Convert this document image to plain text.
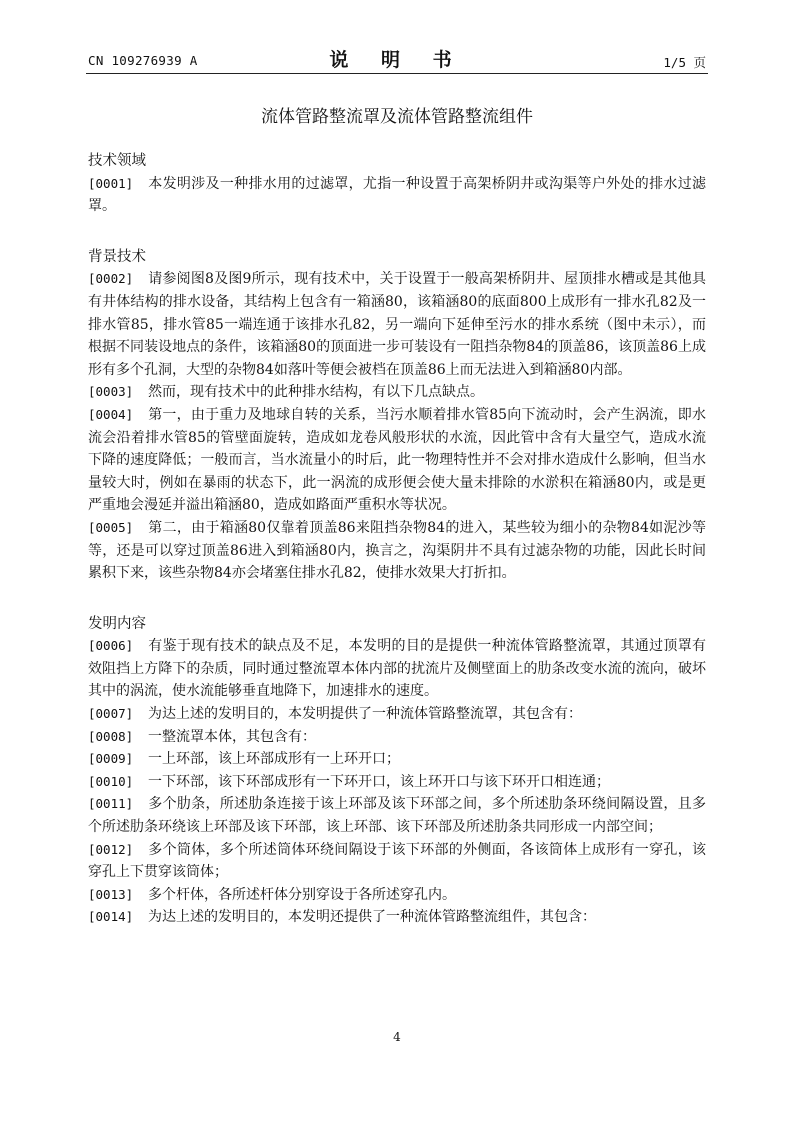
CN 109276939 A	说 明 书	1/5 页
流体管路整流罩及流体管路整流组件
技术领域
[0001] 本发明涉及一种排水用的过滤罩，尤指一种设置于高架桥阴井或沟渠等户外处的排水过滤罩。
背景技术
[0002] 请参阅图8及图9所示，现有技术中，关于设置于一般高架桥阴井、屋顶排水槽或是其他具有井体结构的排水设备，其结构上包含有一箱涵80，该箱涵80的底面800上成形有一排水孔82及一排水管85，排水管85一端连通于该排水孔82，另一端向下延伸至污水的排水系统（图中未示），而根据不同装设地点的条件，该箱涵80的顶面进一步可装设有一阻挡杂物84的顶盖86，该顶盖86上成形有多个孔洞，大型的杂物84如落叶等便会被档在顶盖86上而无法进入到箱涵80内部。
[0003] 然而，现有技术中的此种排水结构，有以下几点缺点。
[0004] 第一，由于重力及地球自转的关系，当污水顺着排水管85向下流动时，会产生涡流，即水流会沿着排水管85的管壁面旋转，造成如龙卷风般形状的水流，因此管中含有大量空气，造成水流下降的速度降低；一般而言，当水流量小的时后，此一物理特性并不会对排水造成什么影响，但当水量较大时，例如在暴雨的状态下，此一涡流的成形便会使大量未排除的水淤积在箱涵80内，或是更严重地会漫延并溢出箱涵80，造成如路面严重积水等状况。
[0005] 第二，由于箱涵80仅靠着顶盖86来阻挡杂物84的进入，某些较为细小的杂物84如泥沙等等，还是可以穿过顶盖86进入到箱涵80内，换言之，沟渠阴井不具有过滤杂物的功能，因此长时间累积下来，该些杂物84亦会堵塞住排水孔82，使排水效果大打折扣。
发明内容
[0006] 有鉴于现有技术的缺点及不足，本发明的目的是提供一种流体管路整流罩，其通过顶罩有效阻挡上方降下的杂质，同时通过整流罩本体内部的扰流片及侧壁面上的肋条改变水流的流向，破坏其中的涡流，使水流能够垂直地降下，加速排水的速度。
[0007] 为达上述的发明目的，本发明提供了一种流体管路整流罩，其包含有：
[0008] 一整流罩本体，其包含有：
[0009] 一上环部，该上环部成形有一上环开口；
[0010] 一下环部，该下环部成形有一下环开口，该上环开口与该下环开口相连通；
[0011] 多个肋条，所述肋条连接于该上环部及该下环部之间，多个所述肋条环绕间隔设置，且多个所述肋条环绕该上环部及该下环部，该上环部、该下环部及所述肋条共同形成一内部空间；
[0012] 多个筒体，多个所述筒体环绕间隔设于该下环部的外侧面，各该筒体上成形有一穿孔，该穿孔上下贯穿该筒体；
[0013] 多个杆体，各所述杆体分别穿设于各所述穿孔内。
[0014] 为达上述的发明目的，本发明还提供了一种流体管路整流组件，其包含：
4
